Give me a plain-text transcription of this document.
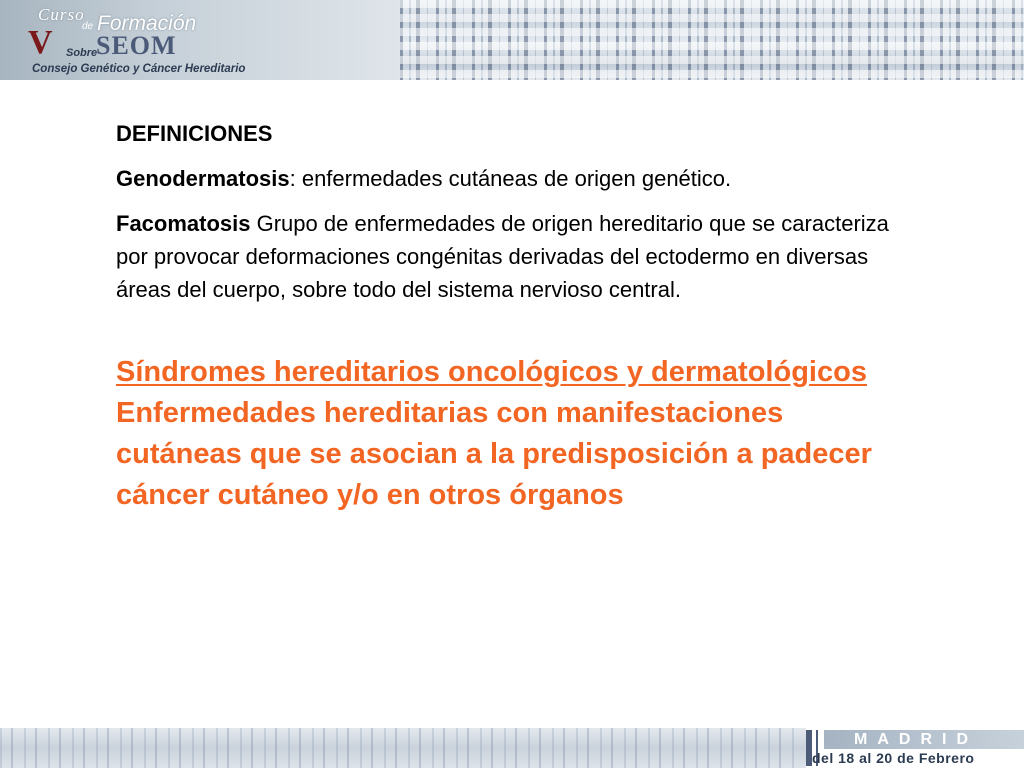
Curso
de Formación
V Sobre
SEOM
Consejo Genético y Cáncer Hereditario

DEFINICIONES

Genodermatosis: enfermedades cutáneas de origen genético.

Facomatosis Grupo de enfermedades de origen hereditario que se caracteriza por provocar deformaciones congénitas derivadas del ectodermo en diversas áreas del cuerpo, sobre todo del sistema nervioso central.

Síndromes hereditarios oncológicos y dermatológicos Enfermedades hereditarias con manifestaciones cutáneas que se asocian a la predisposición a padecer cáncer cutáneo y/o en otros órganos
MADRID
del 18 al 20 de Febrero
